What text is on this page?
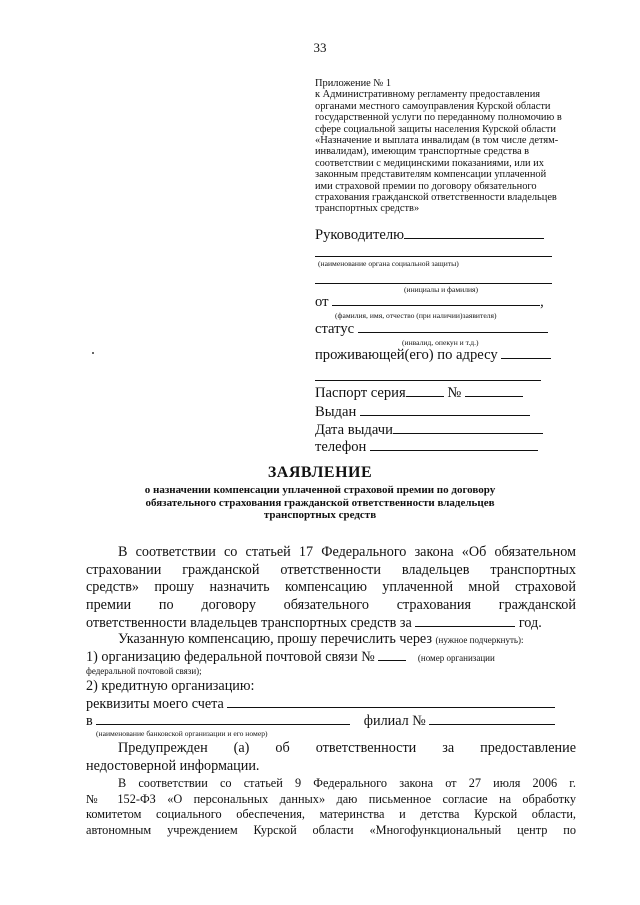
33
Приложение № 1
к Административному регламенту предоставления
органами местного самоуправления Курской области
государственной услуги по переданному полномочию в
сфере социальной защиты населения Курской области
«Назначение и выплата инвалидам (в том числе детям-
инвалидам), имеющим транспортные средства в
соответствии с медицинскими показаниями, или их
законным представителям компенсации уплаченной
ими страховой премии по договору обязательного
страхования гражданской ответственности владельцев
транспортных средств»
Руководителю
(наименование органа социальной защиты)
(инициалы и фамилия)
от	,
(фамилия, имя, отчество (при наличии)заявителя)
статус
(инвалид, опекун и т.д.)
проживающей(его) по адресу
Паспорт серия	№
Выдан
Дата выдачи
телефон
ЗАЯВЛЕНИЕ
о назначении компенсации уплаченной страховой премии по договору
обязательного страхования гражданской ответственности владельцев
транспортных средств
В соответствии со статьей 17 Федерального закона «Об обязательном
страховании гражданской ответственности владельцев транспортных
средств» прошу назначить компенсацию уплаченной мной страховой
премии по договору обязательного страхования гражданской
ответственности владельцев транспортных средств за	год.
Указанную компенсацию, прошу перечислить через (нужное подчеркнуть):
1) организацию федеральной почтовой связи №	(номер организации
федеральной почтовой связи);
2) кредитную организацию:
реквизиты моего счета
в	филиал №
(наименование банковской организации и его номер)
Предупрежден (а) об ответственности за предоставление
недостоверной информации.
В соответствии со статьей 9 Федерального закона от 27 июля 2006 г.
№ 152-ФЗ «О персональных данных» даю письменное согласие на обработку
комитетом социального обеспечения, материнства и детства Курской области,
автономным учреждением Курской области «Многофункциональный центр по
